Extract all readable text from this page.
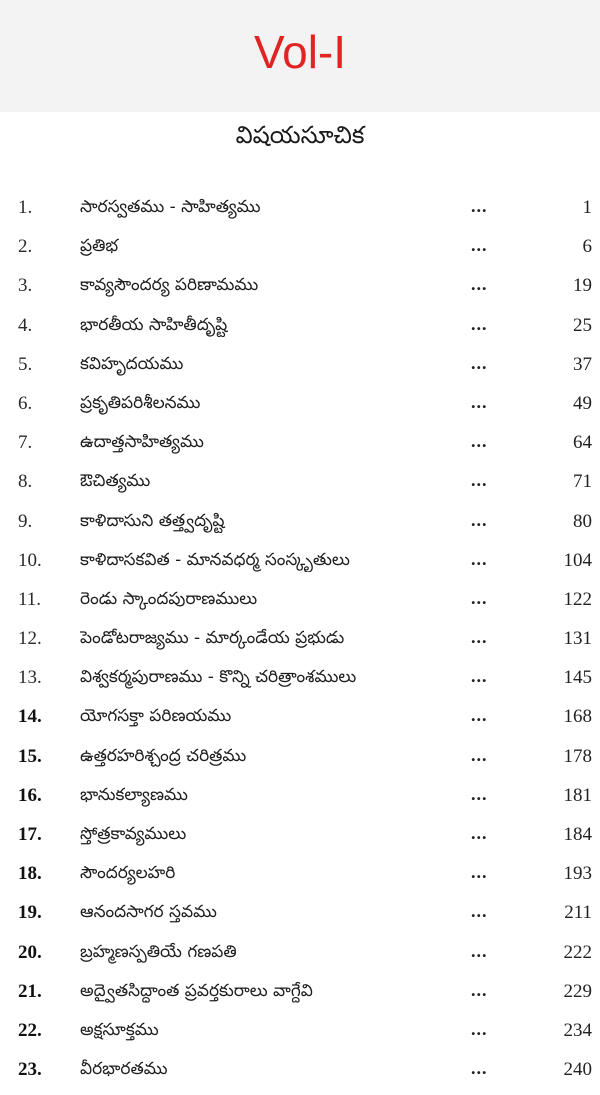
Vol-I
విషయసూచిక
1.	సారస్వతము - సాహిత్యము	...	1
2.	ప్రతిభ	...	6
3.	కావ్యసౌందర్య పరిణామము	...	19
4.	భారతీయ సాహితీదృష్టి	...	25
5.	కవిహృదయము	...	37
6.	ప్రకృతిపరిశీలనము	...	49
7.	ఉదాత్తసాహిత్యము	...	64
8.	ఔచిత్యము	...	71
9.	కాళిదాసుని తత్త్వదృష్టి	...	80
10. కాళిదాసకవిత - మానవధర్మ సంస్కృతులు	...	104
11. రెండు స్కాందపురాణములు	...	122
12. పెండోటరాజ్యము - మార్కండేయ ప్రభుడు	...	131
13. విశ్వకర్మపురాణము - కొన్ని చరిత్రాంశములు	...	145
14. యోగసక్తా పరిణయము	...	168
15. ఉత్తరహరిశ్చంద్ర చరిత్రము	...	178
16. భానుకల్యాణము	...	181
17. స్తోత్రకావ్యములు	...	184
18. సౌందర్యలహరి	...	193
19. ఆనందసాగర స్తవము	...	211
20. బ్రహ్మణస్పతియే గణపతి	...	222
21. అద్వైతసిద్ధాంత ప్రవర్తకురాలు వాగ్దేవి	...	229
22. అక్షసూక్తము	...	234
23. వీరభారతము	...	240
